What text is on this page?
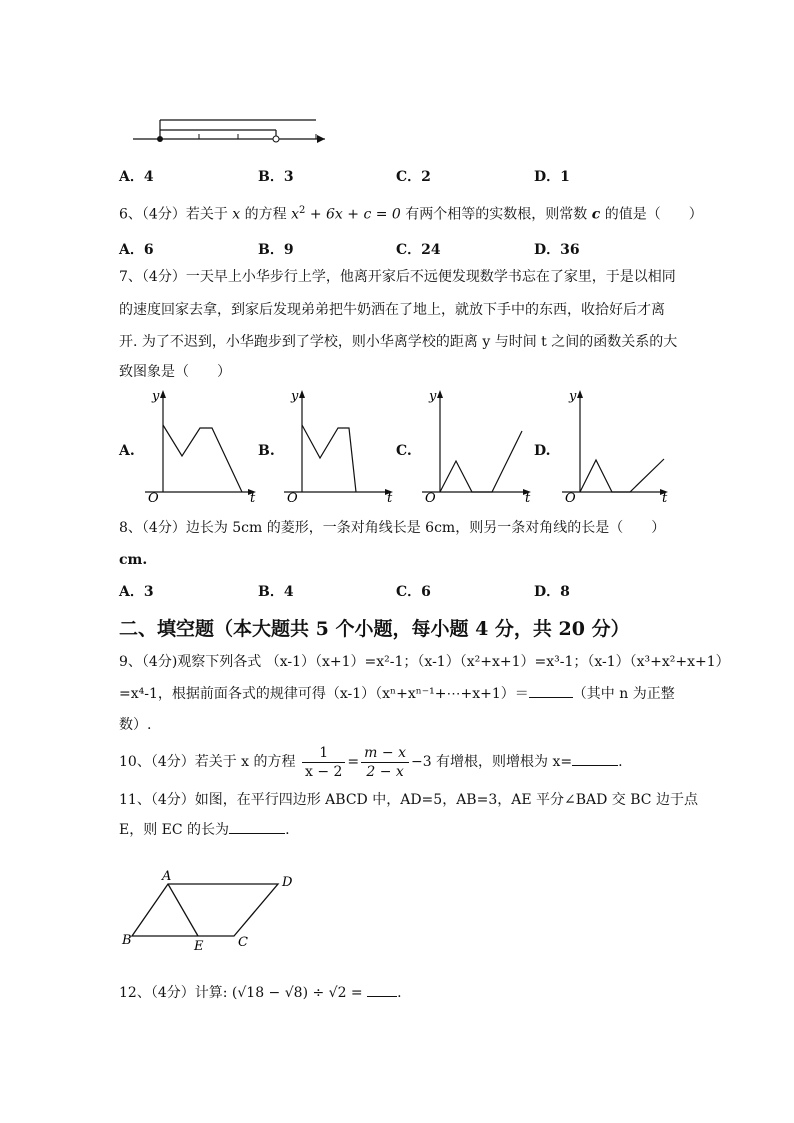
A．4	B．3	C．2	D．1
6、（4分）若关于 x 的方程 $x^2 + 6x + c = 0$ 有两个相等的实数根，则常数 c 的值是（　　）
A．6	B．9	C．24	D．36
7、（4分）一天早上小华步行上学，他离开家后不远便发现数学书忘在了家里，于是以相同
的速度回家去拿，到家后发现弟弟把牛奶洒在了地上，就放下手中的东西，收拾好后才离
开. 为了不迟到，小华跑步到了学校，则小华离学校的距离 y 与时间 t 之间的函数关系的大
致图象是（　　）
A.	B.	C.	D.
y
t
O
y
t
O
y
t
O
y
t
O
8、（4分）边长为 5cm 的菱形，一条对角线长是 6cm，则另一条对角线的长是（　　）
cm.
A．3	B．4	C．6	D．8
二、填空题（本大题共 5 个小题，每小题 4 分，共 20 分）
9、（4分)观察下列各式 （x-1）（x+1）=x²-1；（x-1）（x²+x+1）=x³-1；（x-1）（x³+x²+x+1）
=x⁴-1，根据前面各式的规律可得（x-1）（xⁿ+xⁿ⁻¹+⋯+x+1）＝	（其中 n 为正整
数）.
10、（4分）若关于 x 的方程 $\frac{1}{x - 2} = \frac{m - x}{2 - x} -3$ 有增根，则增根为 x=	.
11、（4分）如图，在平行四边形 ABCD 中，AD=5，AB=3，AE 平分∠BAD 交 BC 边于点
E，则 EC 的长为	.
A	D
B	E	C
12、（4分）计算: (√18 − √8) ÷ √2 = .
